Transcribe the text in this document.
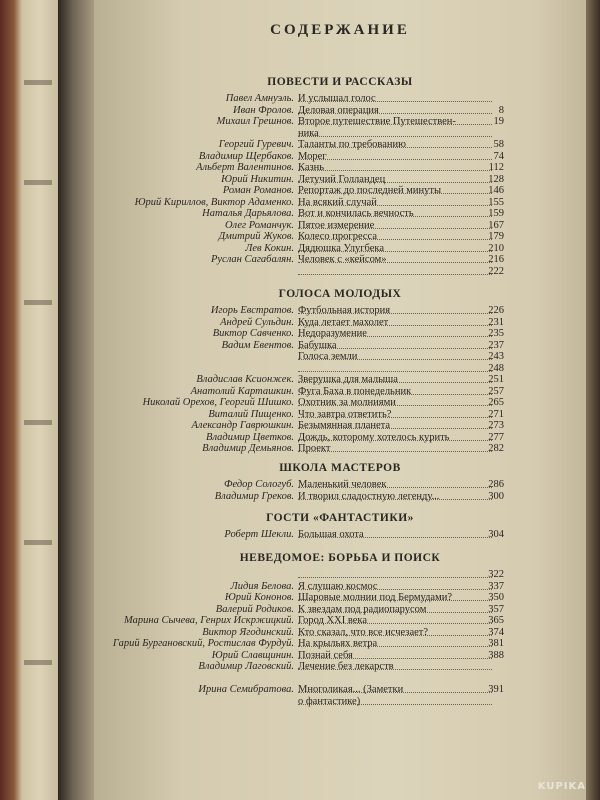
СОДЕРЖАНИЕ
ПОВЕСТИ И РАССКАЗЫ
Павел Амнуэль. И услышал голос
Иван Фролов. Деловая операция	8
Михаил Грешнов. Второе путешествие Путешествен-	19
ника
Георгий Гуревич. Таланты по требованию	58
Владимир Щербаков. Морег	74
Альберт Валентинов. Казнь	112
Юрий Никитин. Летучий Голландец	128
Роман Романов. Репортаж до последней минуты	146
Юрий Кириллов, Виктор Адаменко. На всякий случай	155
Наталья Дарьялова. Вот и кончилась вечность	159
Олег Романчук. Пятое измерение	167
Дмитрий Жуков. Колесо прогресса	179
Лев Кокин. Дядюшка Улугбека	210
Руслан Сагабалян. Человек с «кейсом»	216
222
ГОЛОСА МОЛОДЫХ
Игорь Евстратов. Футбольная история	226
Андрей Сульдин. Куда летает махолет	231
Виктор Савченко. Недоразумение	235
Вадим Евентов. Бабушка	237
Голоса земли	243
248
Владислав Ксионжек. Зверушка для малыша	251
Анатолий Карташкин. Фуга Баха в понедельник	257
Николай Орехов, Георгий Шишко. Охотник за молниями	265
Виталий Пищенко. Что завтра ответить?	271
Александр Гаврюшкин. Безымянная планета	273
Владимир Цветков. Дождь, которому хотелось курить	277
Владимир Демьянов. Проект	282
ШКОЛА МАСТЕРОВ
Федор Сологуб. Маленький человек	286
Владимир Греков. И творил сладостную легенду...	300
ГОСТИ «ФАНТАСТИКИ»
Роберт Шекли. Большая охота	304
НЕВЕДОМОЕ: БОРЬБА И ПОИСК
322
Лидия Белова. Я слушаю космос	337
Юрий Кононов. Шаровые молнии под Бермудами?	350
Валерий Родиков. К звездам под радиопарусом	357
Марина Сычева, Генрих Искржицкий. Город XXI века	365
Виктор Ягодинский. Кто сказал, что все исчезает?	374
Гарий Бургановский, Ростислав Фурдуй. На крыльях ветра	381
Юрий Славщинин. Познай себя	388
Владимир Лаговский. Лечение без лекарств
Ирина Семибратова. Многоликая... (Заметки	391
о фантастике)
KUPIKA
